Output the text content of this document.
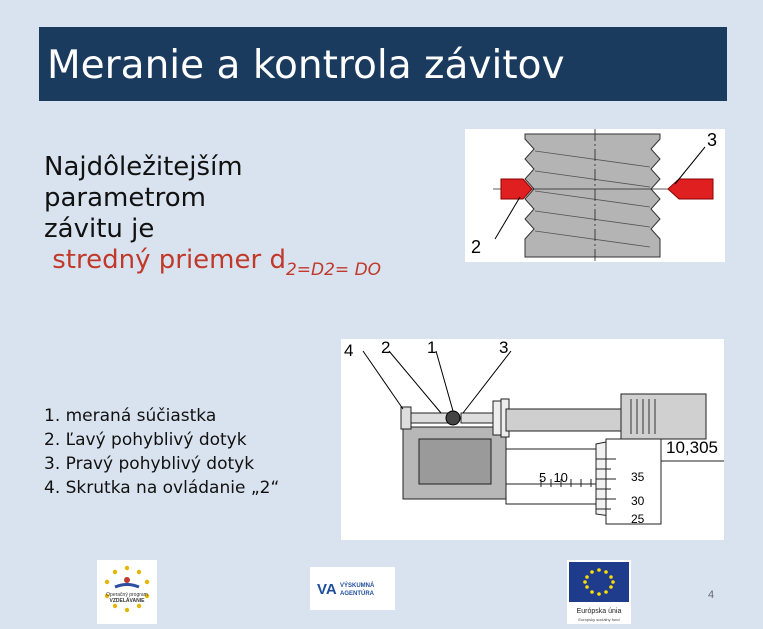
Meranie a kontrola závitov
Najdôležitejším
parametrom
závitu je
stredný priemer $d_{2=D2= DO}$
2
3
4 2 1	3
10,305
5  10	35
30
25
1. meraná súčiastka
2. Ľavý pohyblivý dotyk
3. Pravý pohyblivý dotyk
4. Skrutka na ovládanie „2“
Operačný program
VZDELÁVANIE
VA VÝSKUMNÁ
AGENTÚRA
Európska únia
Európsky sociálny fond
4
